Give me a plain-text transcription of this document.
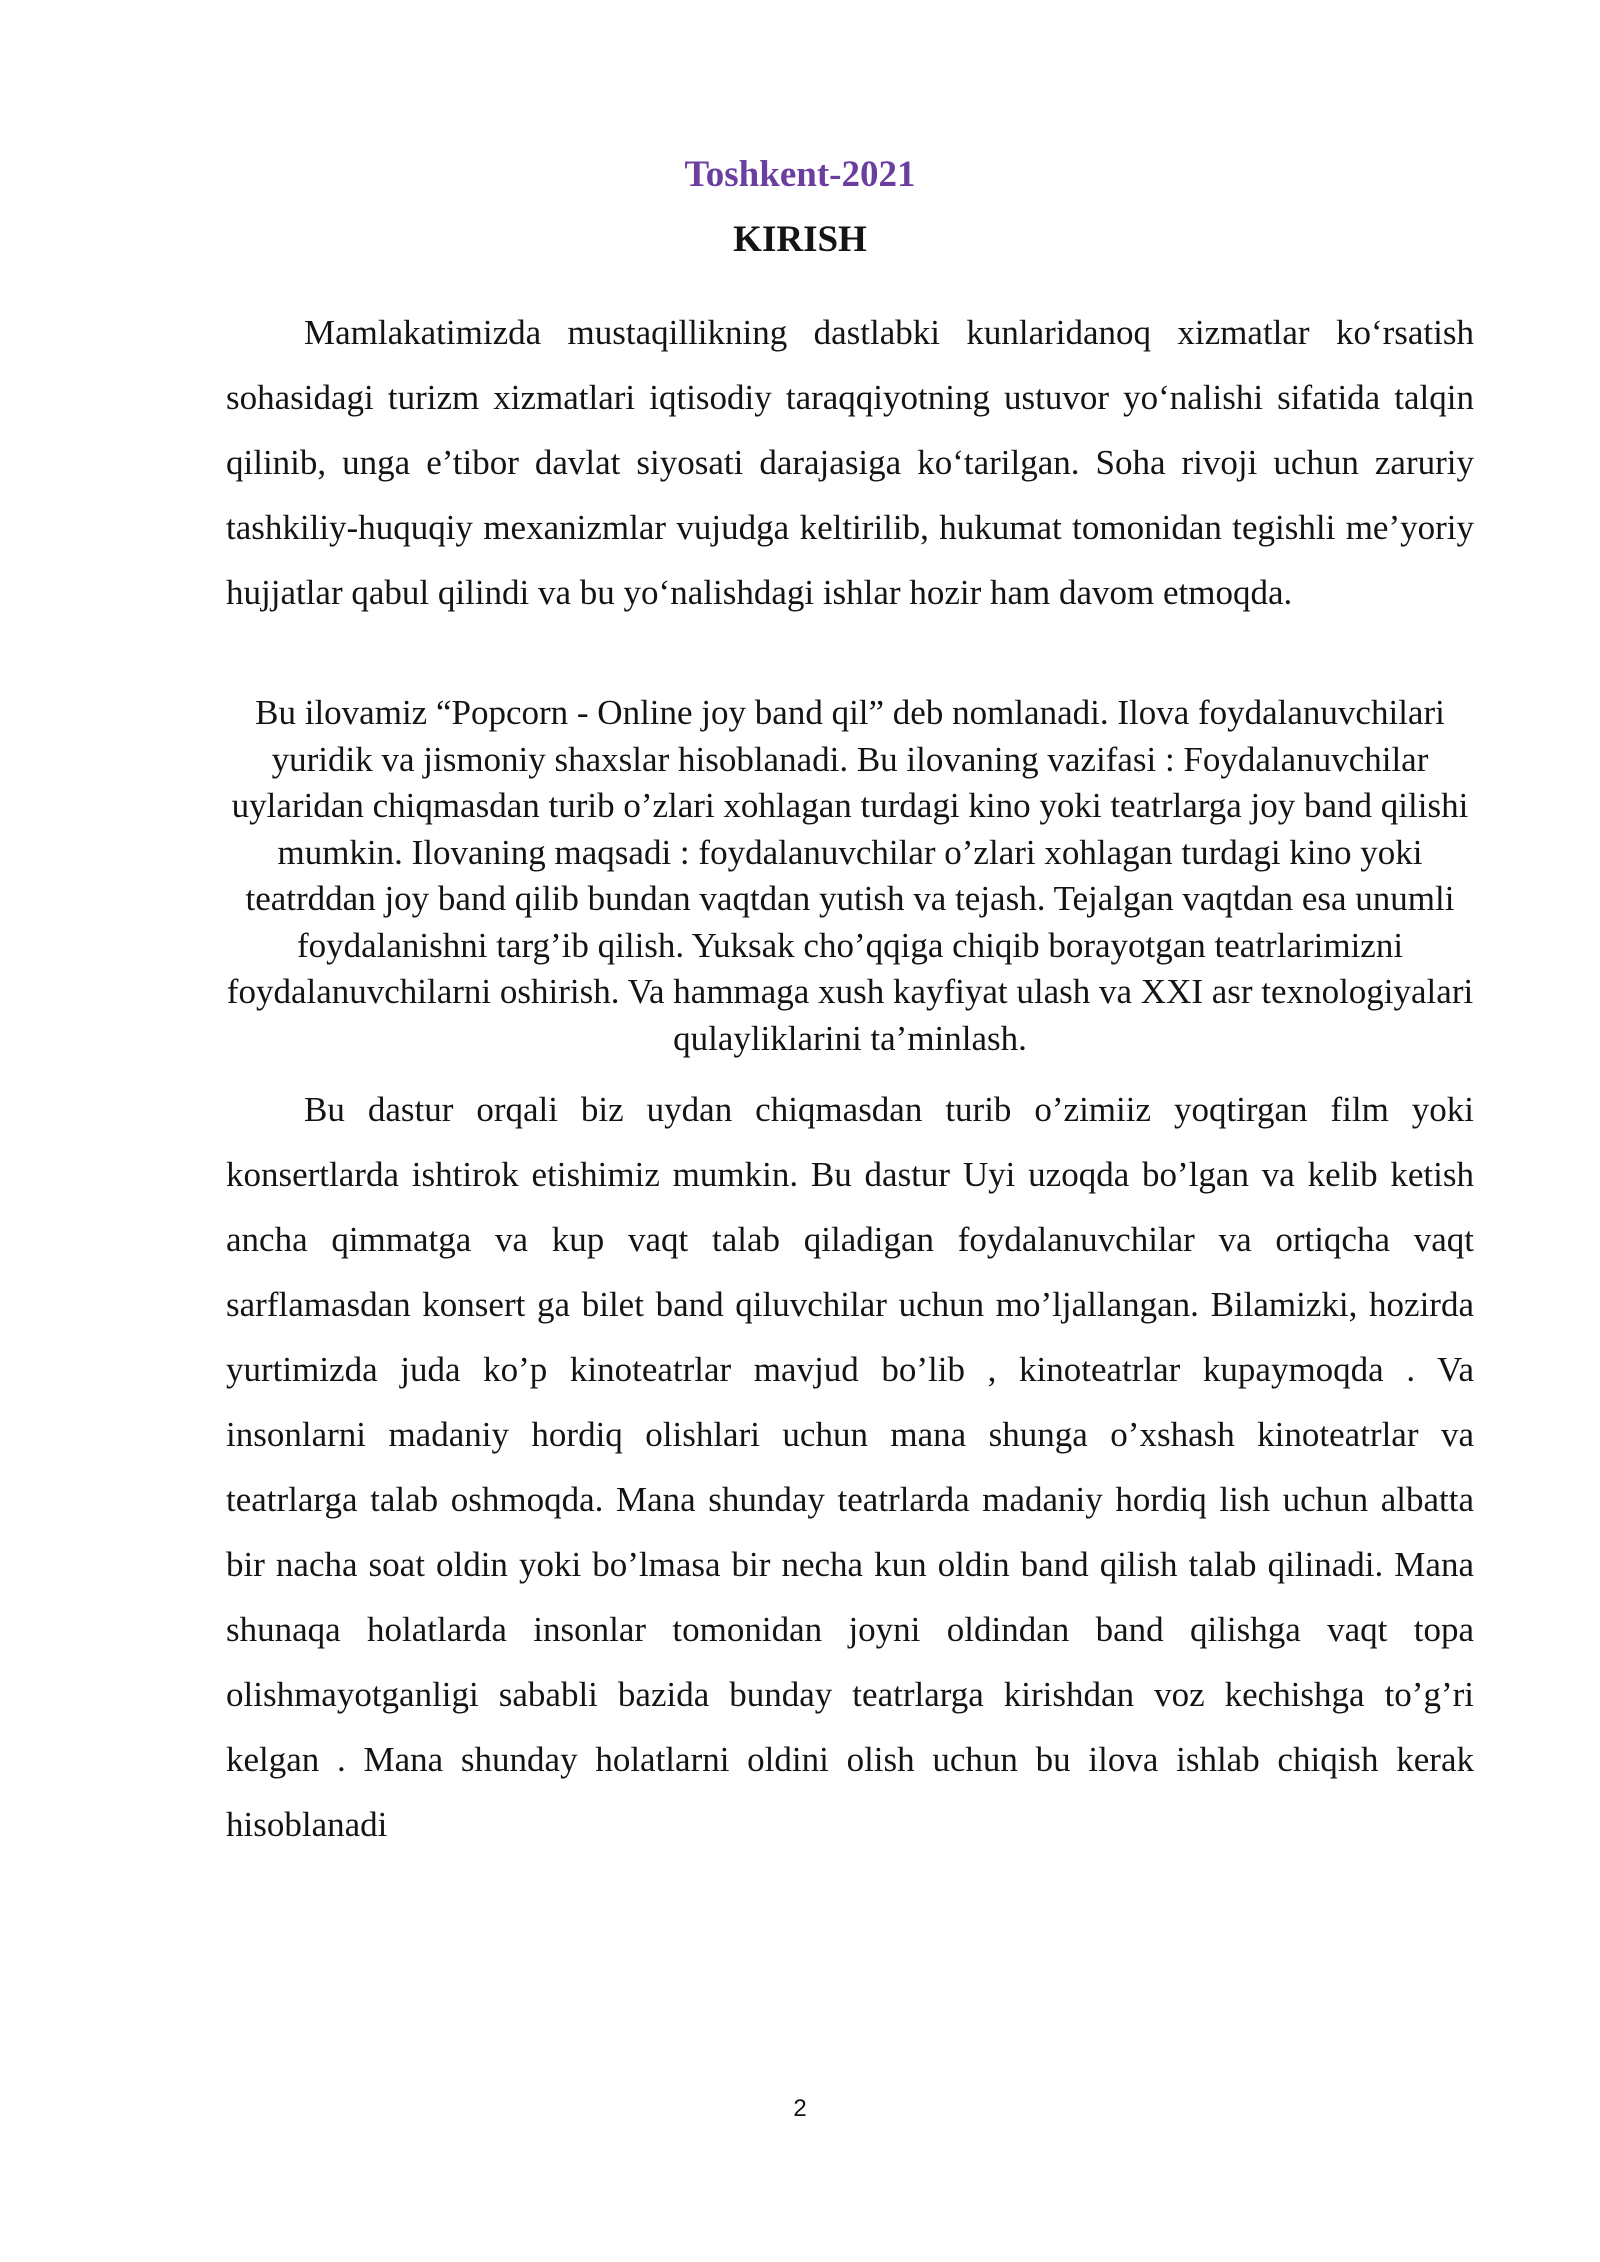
Toshkent-2021

KIRISH

Mamlakatimizda mustaqillikning dastlabki kunlaridanoq xizmatlar ko‘rsatish sohasidagi turizm xizmatlari iqtisodiy taraqqiyotning ustuvor yo‘nalishi sifatida talqin qilinib, unga e’tibor davlat siyosati darajasiga ko‘tarilgan. Soha rivoji uchun zaruriy tashkiliy-huquqiy mexanizmlar vujudga keltirilib, hukumat tomonidan tegishli me’yoriy hujjatlar qabul qilindi va bu yo‘nalishdagi ishlar hozir ham davom etmoqda.

Bu ilovamiz “Popcorn - Online joy band qil” deb nomlanadi. Ilova foydalanuvchilari yuridik va jismoniy shaxslar hisoblanadi. Bu ilovaning vazifasi : Foydalanuvchilar uylaridan chiqmasdan turib o’zlari xohlagan turdagi kino yoki teatrlarga joy band qilishi mumkin. Ilovaning maqsadi : foydalanuvchilar o’zlari xohlagan turdagi kino yoki teatrddan joy band qilib bundan vaqtdan yutish va tejash. Tejalgan vaqtdan esa unumli foydalanishni targ’ib qilish. Yuksak cho’qqiga chiqib borayotgan teatrlarimizni foydalanuvchilarni oshirish. Va hammaga xush kayfiyat ulash va XXI asr texnologiyalari qulayliklarini ta’minlash.

Bu dastur orqali biz uydan chiqmasdan turib o’zimiiz yoqtirgan film yoki konsertlarda ishtirok etishimiz mumkin. Bu dastur Uyi uzoqda bo’lgan va kelib ketish ancha qimmatga va kup vaqt talab qiladigan foydalanuvchilar va ortiqcha vaqt sarflamasdan konsert ga bilet band qiluvchilar uchun mo’ljallangan. Bilamizki, hozirda yurtimizda juda ko’p kinoteatrlar mavjud bo’lib , kinoteatrlar kupaymoqda . Va insonlarni madaniy hordiq olishlari uchun mana shunga o’xshash kinoteatrlar va teatrlarga talab oshmoqda. Mana shunday teatrlarda madaniy hordiq lish uchun albatta bir nacha soat oldin yoki bo’lmasa bir necha kun oldin band qilish talab qilinadi. Mana shunaqa holatlarda insonlar tomonidan joyni oldindan band qilishga vaqt topa olishmayotganligi sababli bazida bunday teatrlarga kirishdan voz kechishga to’g’ri kelgan . Mana shunday holatlarni oldini olish uchun bu ilova ishlab chiqish kerak hisoblanadi

2
